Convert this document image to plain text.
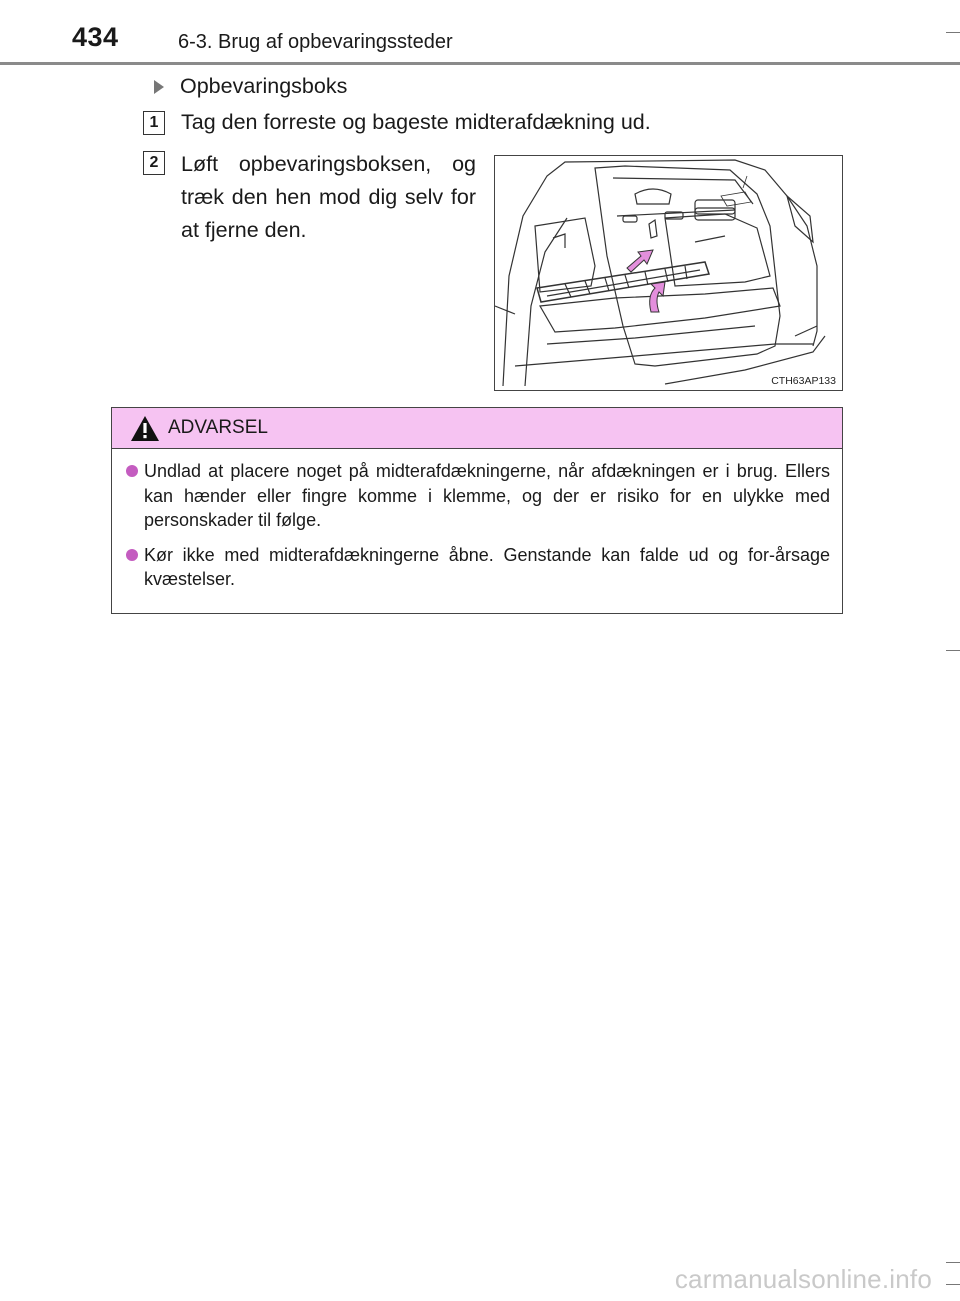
434	6-3. Brug af opbevaringssteder
Opbevaringsboks
1	Tag den forreste og bageste midterafdækning ud.
2	Løft opbevaringsboksen, og træk den hen mod dig selv for at fjerne den.
CTH63AP133
ADVARSEL
Undlad at placere noget på midterafdækningerne, når afdækningen er i brug. Ellers kan hænder eller fingre komme i klemme, og der er risiko for en ulykke med personskader til følge.
Kør ikke med midterafdækningerne åbne. Genstande kan falde ud og for-årsage kvæstelser.
carmanualsonline.info
